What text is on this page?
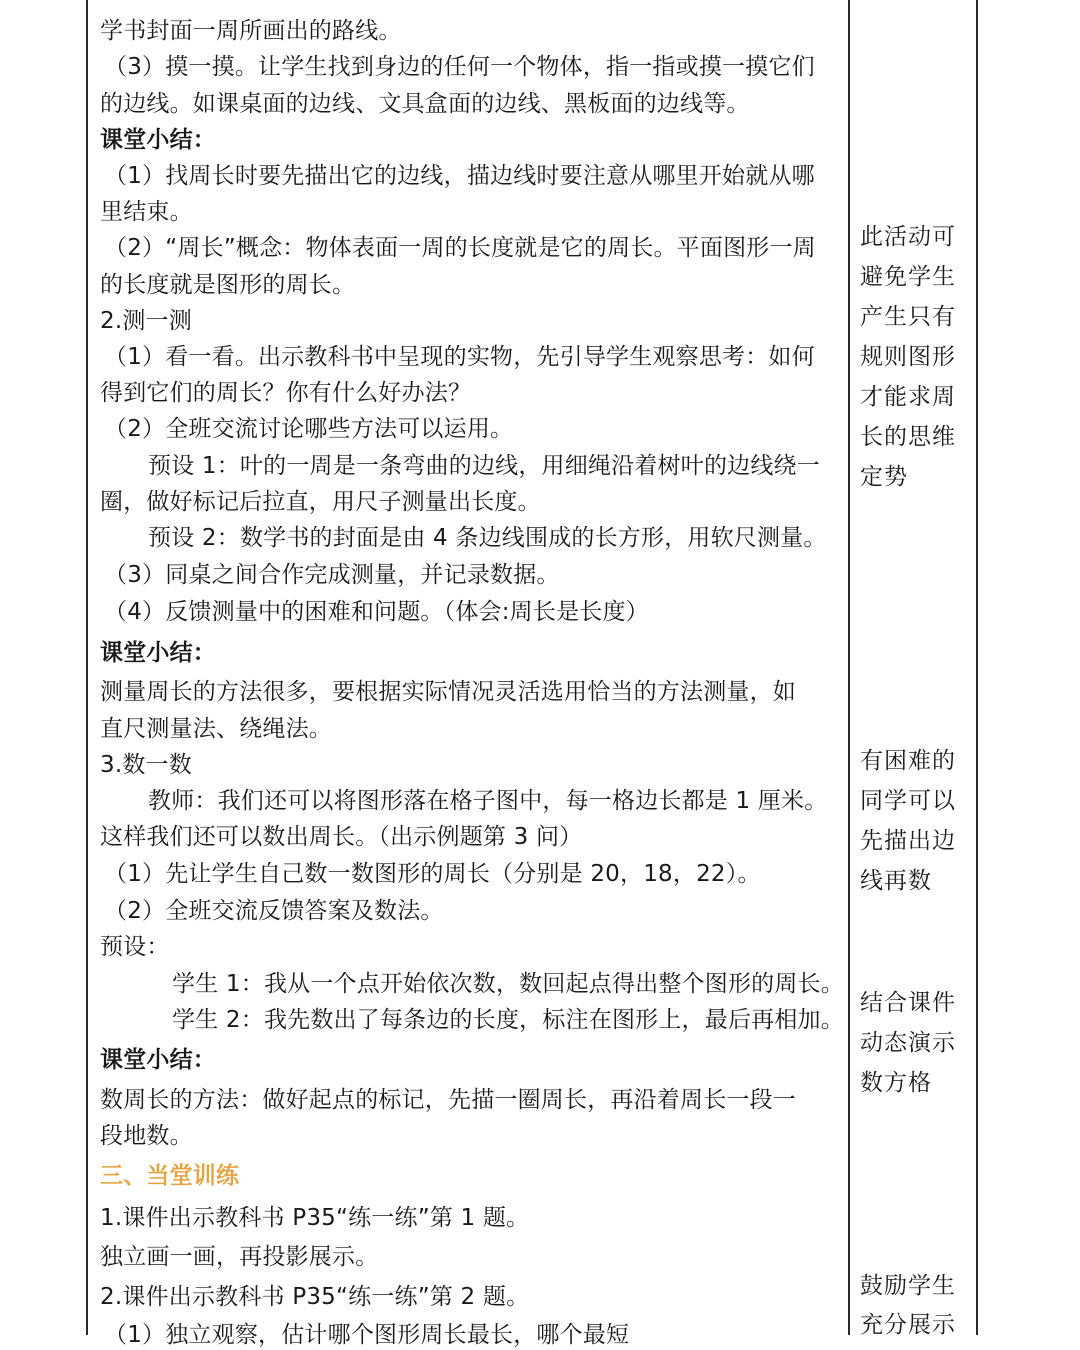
学书封面一周所画出的路线。
（3）摸一摸。让学生找到身边的任何一个物体，指一指或摸一摸它们
的边线。如课桌面的边线、文具盒面的边线、黑板面的边线等。
课堂小结：
（1）找周长时要先描出它的边线，描边线时要注意从哪里开始就从哪
里结束。
（2）“周长”概念：物体表面一周的长度就是它的周长。平面图形一周
的长度就是图形的周长。
2.测一测
（1）看一看。出示教科书中呈现的实物，先引导学生观察思考：如何
得到它们的周长？你有什么好办法？
（2）全班交流讨论哪些方法可以运用。
预设 1：叶的一周是一条弯曲的边线，用细绳沿着树叶的边线绕一
圈，做好标记后拉直，用尺子测量出长度。
预设 2：数学书的封面是由 4 条边线围成的长方形，用软尺测量。
（3）同桌之间合作完成测量，并记录数据。
（4）反馈测量中的困难和问题。（体会:周长是长度）
课堂小结：
测量周长的方法很多，要根据实际情况灵活选用恰当的方法测量，如
直尺测量法、绕绳法。
3.数一数
教师：我们还可以将图形落在格子图中，每一格边长都是 1 厘米。
这样我们还可以数出周长。（出示例题第 3 问）
（1）先让学生自己数一数图形的周长（分别是 20，18，22）。
（2）全班交流反馈答案及数法。
预设：
学生 1：我从一个点开始依次数，数回起点得出整个图形的周长。
学生 2：我先数出了每条边的长度，标注在图形上，最后再相加。
课堂小结：
数周长的方法：做好起点的标记，先描一圈周长，再沿着周长一段一
段地数。
三、当堂训练
1.课件出示教科书 P35“练一练”第 1 题。
独立画一画，再投影展示。
2.课件出示教科书 P35“练一练”第 2 题。
（1）独立观察，估计哪个图形周长最长，哪个最短
此活动可
避免学生
产生只有
规则图形
才能求周
长的思维
定势
有困难的
同学可以
先描出边
线再数
结合课件
动态演示
数方格
鼓励学生
充分展示
